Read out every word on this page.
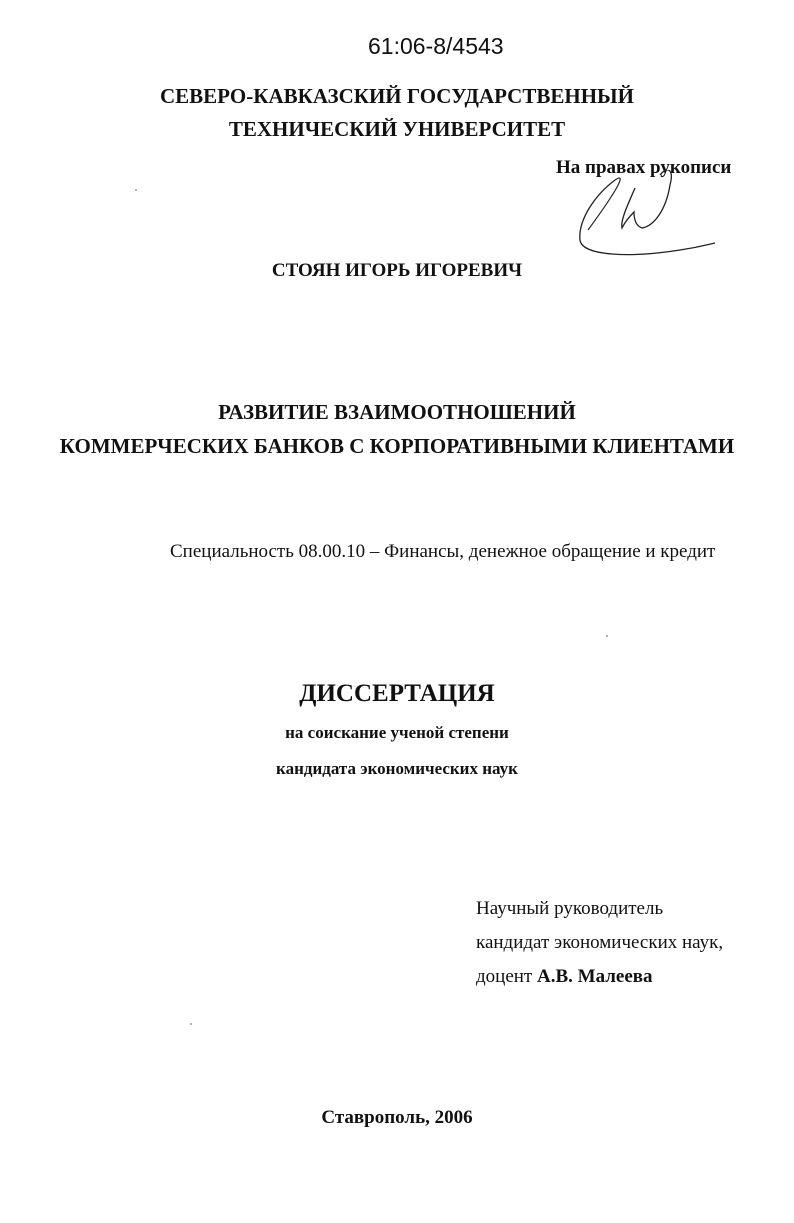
61:06-8/4543
СЕВЕРО-КАВКАЗСКИЙ ГОСУДАРСТВЕННЫЙ
ТЕХНИЧЕСКИЙ УНИВЕРСИТЕТ
На правах рукописи
СТОЯН ИГОРЬ ИГОРЕВИЧ
РАЗВИТИЕ ВЗАИМООТНОШЕНИЙ
КОММЕРЧЕСКИХ БАНКОВ С КОРПОРАТИВНЫМИ КЛИЕНТАМИ
Специальность 08.00.10 – Финансы, денежное обращение и кредит
ДИССЕРТАЦИЯ
на соискание ученой степени
кандидата экономических наук
Научный руководитель
кандидат экономических наук,
доцент А.В. Малеева
Ставрополь, 2006
